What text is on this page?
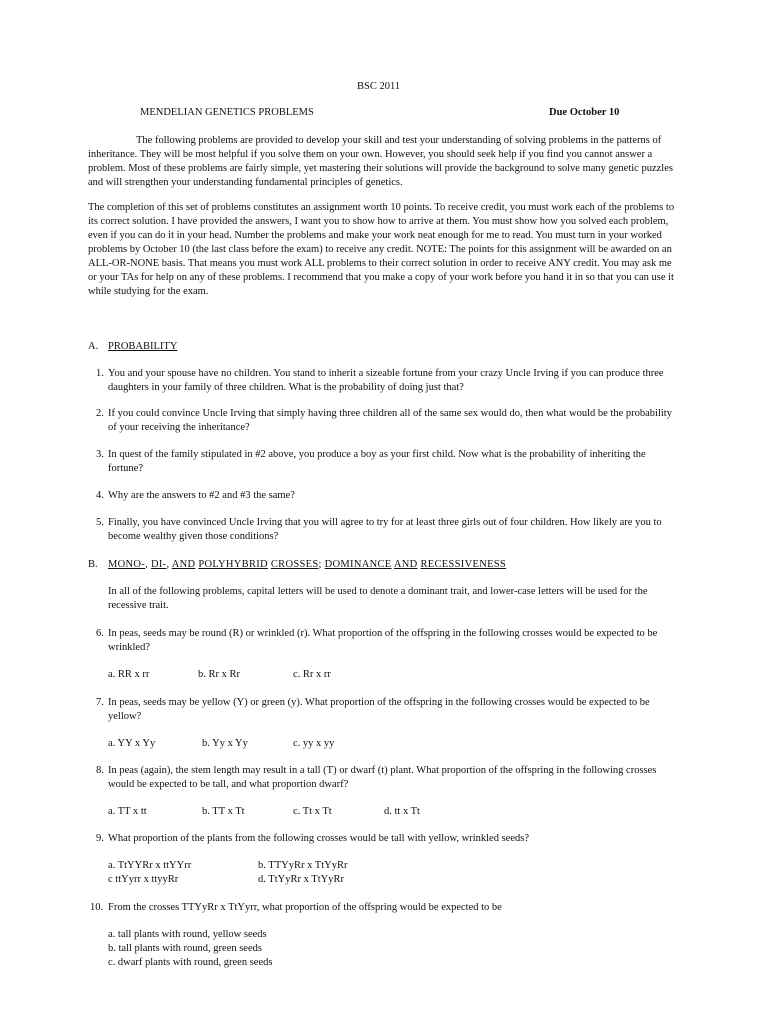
BSC 2011
MENDELIAN GENETICS PROBLEMS	Due October 10
The following problems are provided to develop your skill and test your understanding of solving problems in the patterns of inheritance. They will be most helpful if you solve them on your own. However, you should seek help if you find you cannot answer a problem. Most of these problems are fairly simple, yet mastering their solutions will provide the background to solve many genetic puzzles and will strengthen your understanding fundamental principles of genetics.
The completion of this set of problems constitutes an assignment worth 10 points. To receive credit, you must work each of the problems to its correct solution. I have provided the answers, I want you to show how to arrive at them. You must show how you solved each problem, even if you can do it in your head. Number the problems and make your work neat enough for me to read. You must turn in your worked problems by October 10 (the last class before the exam) to receive any credit. NOTE: The points for this assignment will be awarded on an ALL-OR-NONE basis. That means you must work ALL problems to their correct solution in order to receive ANY credit. You may ask me or your TAs for help on any of these problems. I recommend that you make a copy of your work before you hand it in so that you can use it while studying for the exam.
A. PROBABILITY
1. You and your spouse have no children. You stand to inherit a sizeable fortune from your crazy Uncle Irving if you can produce three daughters in your family of three children. What is the probability of doing just that?
2. If you could convince Uncle Irving that simply having three children all of the same sex would do, then what would be the probability of your receiving the inheritance?
3. In quest of the family stipulated in #2 above, you produce a boy as your first child. Now what is the probability of inheriting the fortune?
4. Why are the answers to #2 and #3 the same?
5. Finally, you have convinced Uncle Irving that you will agree to try for at least three girls out of four children. How likely are you to become wealthy given those conditions?
B. MONO-, DI-, AND POLYHYBRID CROSSES; DOMINANCE AND RECESSIVENESS
In all of the following problems, capital letters will be used to denote a dominant trait, and lower-case letters will be used for the recessive trait.
6. In peas, seeds may be round (R) or wrinkled (r). What proportion of the offspring in the following crosses would be expected to be wrinkled?
a. RR x rr	b. Rr x Rr	c. Rr x rr
7. In peas, seeds may be yellow (Y) or green (y). What proportion of the offspring in the following crosses would be expected to be yellow?
a. YY x Yy	b. Yy x Yy	c. yy x yy
8. In peas (again), the stem length may result in a tall (T) or dwarf (t) plant. What proportion of the offspring in the following crosses would be expected to be tall, and what proportion dwarf?
a. TT x tt	b. TT x Tt	c. Tt x Tt	d. tt x Tt
9. What proportion of the plants from the following crosses would be tall with yellow, wrinkled seeds?
a. TtYYRr x ttYYrr	b. TTYyRr x TtYyRr
c ttYyrr x ttyyRr	d. TtYyRr x TtYyRr
10. From the crosses TTYyRr x TtYyrr, what proportion of the offspring would be expected to be
a. tall plants with round, yellow seeds
b. tall plants with round, green seeds
c. dwarf plants with round, green seeds
